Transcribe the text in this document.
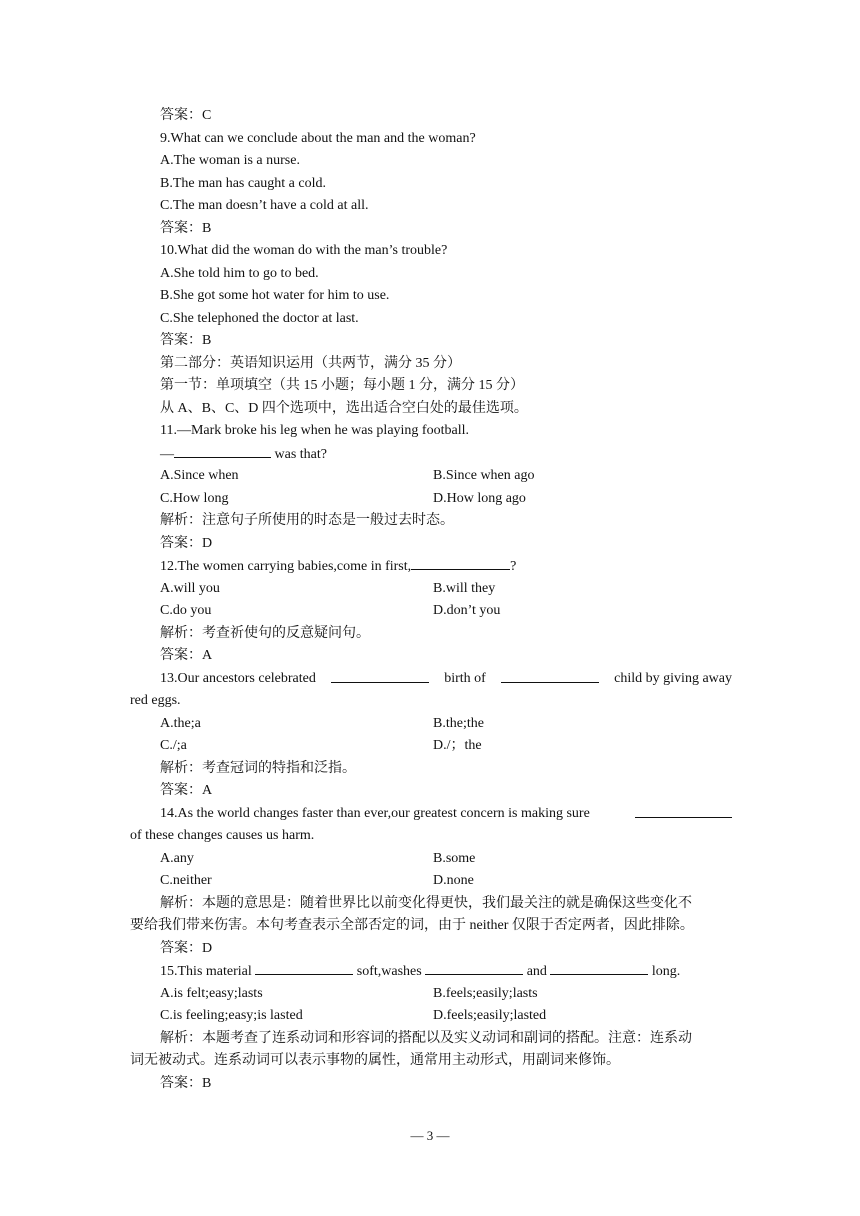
答案：C
9.What can we conclude about the man and the woman?
A.The woman is a nurse.
B.The man has caught a cold.
C.The man doesn’t have a cold at all.
答案：B
10.What did the woman do with the man’s trouble?
A.She told him to go to bed.
B.She got some hot water for him to use.
C.She telephoned the doctor at last.
答案：B
第二部分：英语知识运用（共两节，满分 35 分）
第一节：单项填空（共 15 小题；每小题 1 分，满分 15 分）
从 A、B、C、D 四个选项中，选出适合空白处的最佳选项。
11.—Mark broke his leg when he was playing football.
—	was that?
A.Since when	B.Since when ago
C.How long	D.How long ago
解析：注意句子所使用的时态是一般过去时态。
答案：D
12.The women carrying babies,come in first,	?
A.will you	B.will they
C.do you	D.don’t you
解析：考查祈使句的反意疑问句。
答案：A
13.Our ancestors celebrated	birth of	child by giving away
red eggs.
A.the;a	B.the;the
C./;a	D./；the
解析：考查冠词的特指和泛指。
答案：A
14.As the world changes faster than ever,our greatest concern is making sure
of these changes causes us harm.
A.any	B.some
C.neither	D.none
解析：本题的意思是：随着世界比以前变化得更快，我们最关注的就是确保这些变化不
要给我们带来伤害。本句考查表示全部否定的词，由于 neither 仅限于否定两者，因此排除。
答案：D
15.This material	soft,washes	and	long.
A.is felt;easy;lasts	B.feels;easily;lasts
C.is feeling;easy;is lasted	D.feels;easily;lasted
解析：本题考查了连系动词和形容词的搭配以及实义动词和副词的搭配。注意：连系动
词无被动式。连系动词可以表示事物的属性，通常用主动形式，用副词来修饰。
答案：B
— 3 —
